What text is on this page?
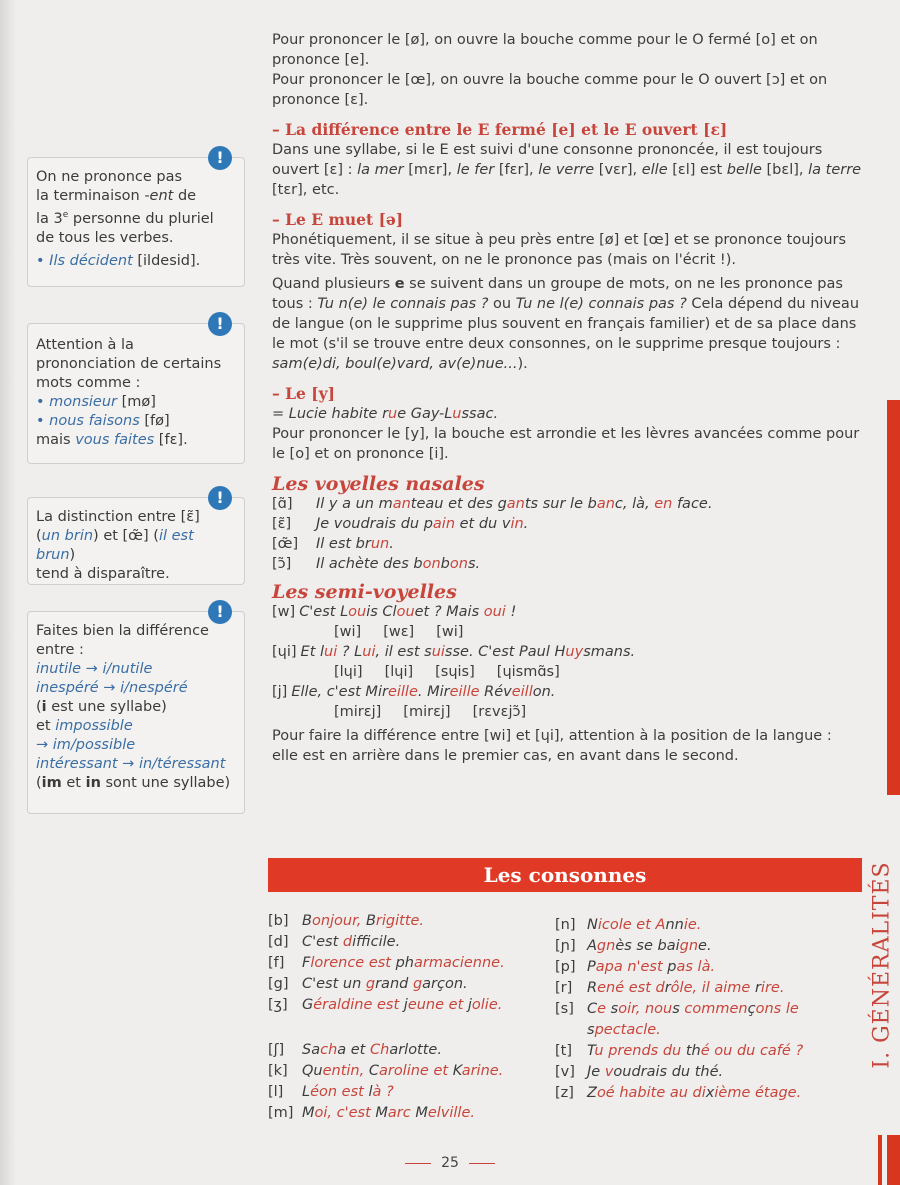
!
On ne prononce pas
la terminaison -ent de
la 3e personne du pluriel
de tous les verbes.
• Ils décident [ildesid].
!
Attention à la
prononciation de certains
mots comme :
• monsieur [mø]
• nous faisons [fø]
mais vous faites [fɛ].
!
La distinction entre [ɛ̃]
(un brin) et [œ̃] (il est brun)
tend à disparaître.
!
Faites bien la différence
entre :
inutile → i/nutile
inespéré → i/nespéré
(i est une syllabe)
et impossible
→ im/possible
intéressant → in/téressant
(im et in sont une syllabe)
Pour prononcer le [ø], on ouvre la bouche comme pour le O fermé [o] et on prononce [e].
Pour prononcer le [œ], on ouvre la bouche comme pour le O ouvert [ɔ] et on prononce [ɛ].
– La différence entre le E fermé [e] et le E ouvert [ɛ]
Dans une syllabe, si le E est suivi d'une consonne prononcée, il est toujours ouvert [ɛ] : la mer [mɛr], le fer [fɛr], le verre [vɛr], elle [ɛl] est belle [bɛl], la terre [tɛr], etc.
– Le E muet [ə]
Phonétiquement, il se situe à peu près entre [ø] et [œ] et se prononce toujours très vite. Très souvent, on ne le prononce pas (mais on l'écrit !).
Quand plusieurs e se suivent dans un groupe de mots, on ne les prononce pas tous : Tu n(e) le connais pas ? ou Tu ne l(e) connais pas ? Cela dépend du niveau de langue (on le supprime plus souvent en français familier) et de sa place dans le mot (s'il se trouve entre deux consonnes, on le supprime presque toujours : sam(e)di, boul(e)vard, av(e)nue...).
– Le [y]
= Lucie habite rue Gay-Lussac.
Pour prononcer le [y], la bouche est arrondie et les lèvres avancées comme pour le [o] et on prononce [i].
Les voyelles nasales
[ɑ̃]	Il y a un manteau et des gants sur le banc, là, en face.
[ɛ̃]	Je voudrais du pain et du vin.
[œ̃]	Il est brun.
[ɔ̃]	Il achète des bonbons.
Les semi-voyelles
[w] C'est Louis Clouet ? Mais oui !
[wi] [wɛ] [wi]
[ɥi] Et lui ? Lui, il est suisse. C'est Paul Huysmans.
[lɥi] [lɥi] [sɥis] [ɥismɑ̃s]
[j] Elle, c'est Mireille. Mireille Réveillon.
[mirɛj] [mirɛj] [rɛvɛjɔ̃]
Pour faire la différence entre [wi] et [ɥi], attention à la position de la langue : elle est en arrière dans le premier cas, en avant dans le second.
Les consonnes
[b] Bonjour, Brigitte.
[d] C'est difficile.
[f]	Florence est pharmacienne.
[g] C'est un grand garçon.
[ʒ] Géraldine est jeune et jolie.
[ʃ]	Sacha et Charlotte.
[k] Quentin, Caroline et Karine.
[l]	Léon est là ?
[m] Moi, c'est Marc Melville.
[n] Nicole et Annie.
[ɲ] Agnès se baigne.
[p] Papa n'est pas là.
[r]	René est drôle, il aime rire.
[s] Ce soir, nous commençons le spectacle.
[t]	Tu prends du thé ou du café ?
[v] Je voudrais du thé.
[z] Zoé habite au dixième étage.
25
I. GÉNÉRALITÉS
